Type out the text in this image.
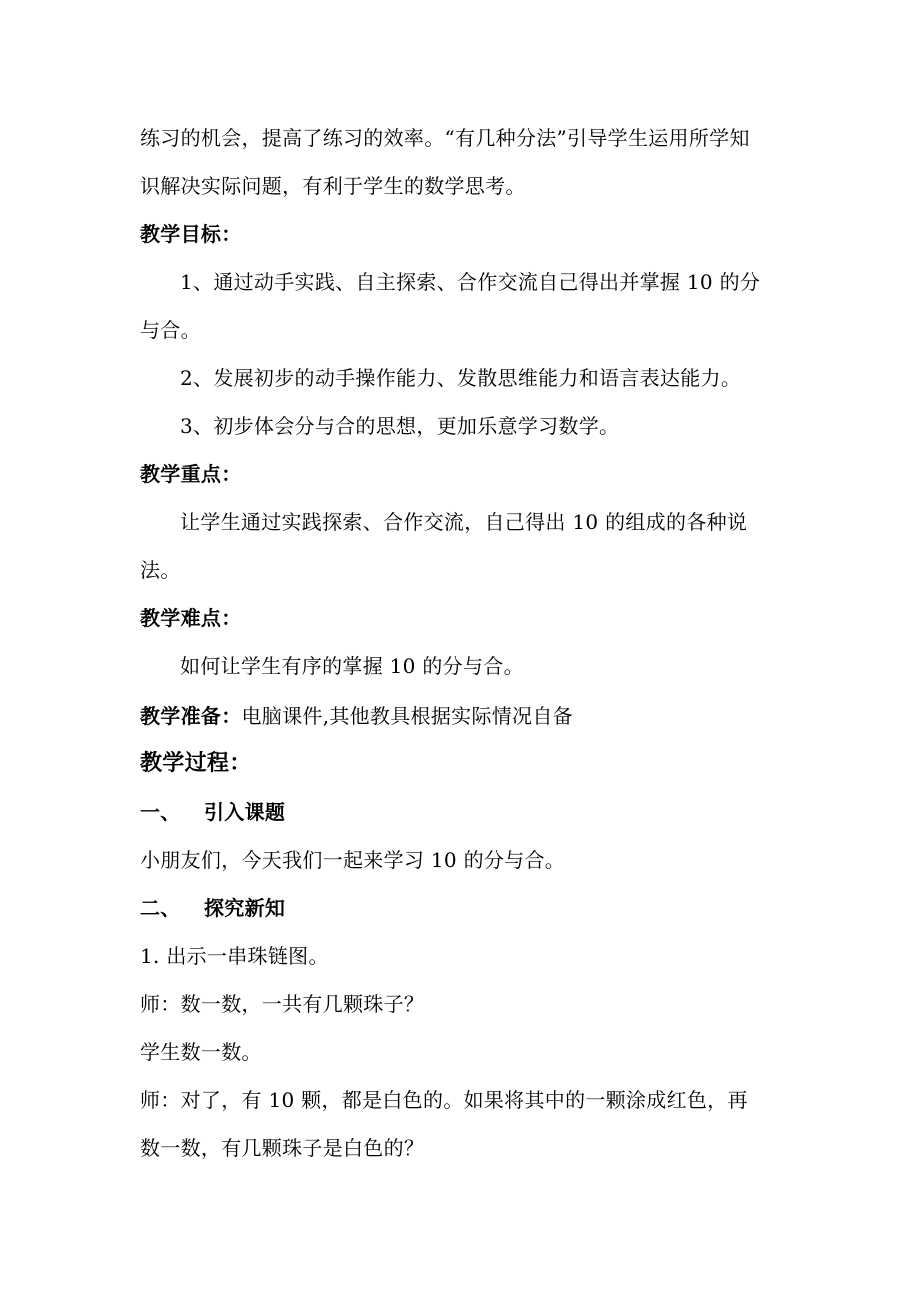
练习的机会，提高了练习的效率。“有几种分法”引导学生运用所学知
识解决实际问题，有利于学生的数学思考。
教学目标：
1、通过动手实践、自主探索、合作交流自己得出并掌握 10 的分
与合。
2、发展初步的动手操作能力、发散思维能力和语言表达能力。
3、初步体会分与合的思想，更加乐意学习数学。
教学重点：
让学生通过实践探索、合作交流，自己得出 10 的组成的各种说
法。
教学难点：
如何让学生有序的掌握 10 的分与合。
教学准备：电脑课件,其他教具根据实际情况自备
教学过程：
一、 引入课题
小朋友们，今天我们一起来学习 10 的分与合。
二、 探究新知
1. 出示一串珠链图。
师：数一数，一共有几颗珠子？
学生数一数。
师：对了，有 10 颗，都是白色的。如果将其中的一颗涂成红色，再
数一数，有几颗珠子是白色的？
